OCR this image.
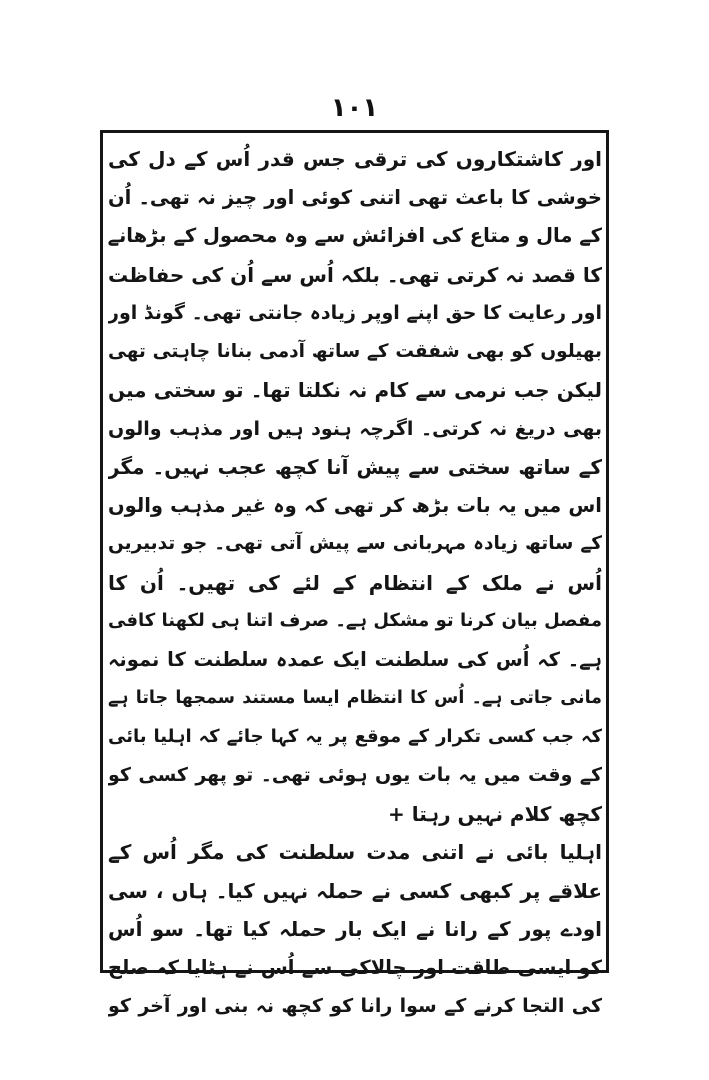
١٠١
اور کاشتکاروں کی ترقی جس قدر اُس کے دل کی
خوشی کا باعث تھی اتنی کوئی اور چیز نہ تھی۔ اُن
کے مال و متاع کی افزائش سے وہ محصول کے بڑھانے
کا قصد نہ کرتی تھی۔ بلکہ اُس سے اُن کی حفاظت
اور رعایت کا حق اپنے اوپر زیادہ جانتی تھی۔ گونڈ اور
بھیلوں کو بھی شفقت کے ساتھ آدمی بنانا چاہتی تھی
لیکن جب نرمی سے کام نہ نکلتا تھا۔ تو سختی میں
بھی دریغ نہ کرتی۔ اگرچہ ہنود ہیں اور مذہب والوں
کے ساتھ سختی سے پیش آنا کچھ عجب نہیں۔ مگر
اس میں یہ بات بڑھ کر تھی کہ وہ غیر مذہب والوں
کے ساتھ زیادہ مہربانی سے پیش آتی تھی۔ جو تدبیریں
اُس نے ملک کے انتظام کے لئے کی تھیں۔ اُن کا
مفصل بیان کرنا تو مشکل ہے۔ صرف اتنا ہی لکھنا کافی
ہے۔ کہ اُس کی سلطنت ایک عمدہ سلطنت کا نمونہ
مانی جاتی ہے۔ اُس کا انتظام ایسا مستند سمجھا جاتا ہے
کہ جب کسی تکرار کے موقع پر یہ کہا جائے کہ اہلیا بائی
کے وقت میں یہ بات یوں ہوئی تھی۔ تو پھر کسی کو
کچھ کلام نہیں رہتا +
اہلیا بائی نے اتنی مدت سلطنت کی مگر اُس کے
علاقے پر کبھی کسی نے حملہ نہیں کیا۔ ہاں ، سی
اودے پور کے رانا نے ایک بار حملہ کیا تھا۔ سو اُس
کو ایسی طاقت اور چالاکی سے اُس نے ہٹایا کہ صلح
کی التجا کرنے کے سوا رانا کو کچھ نہ بنی اور آخر کو
